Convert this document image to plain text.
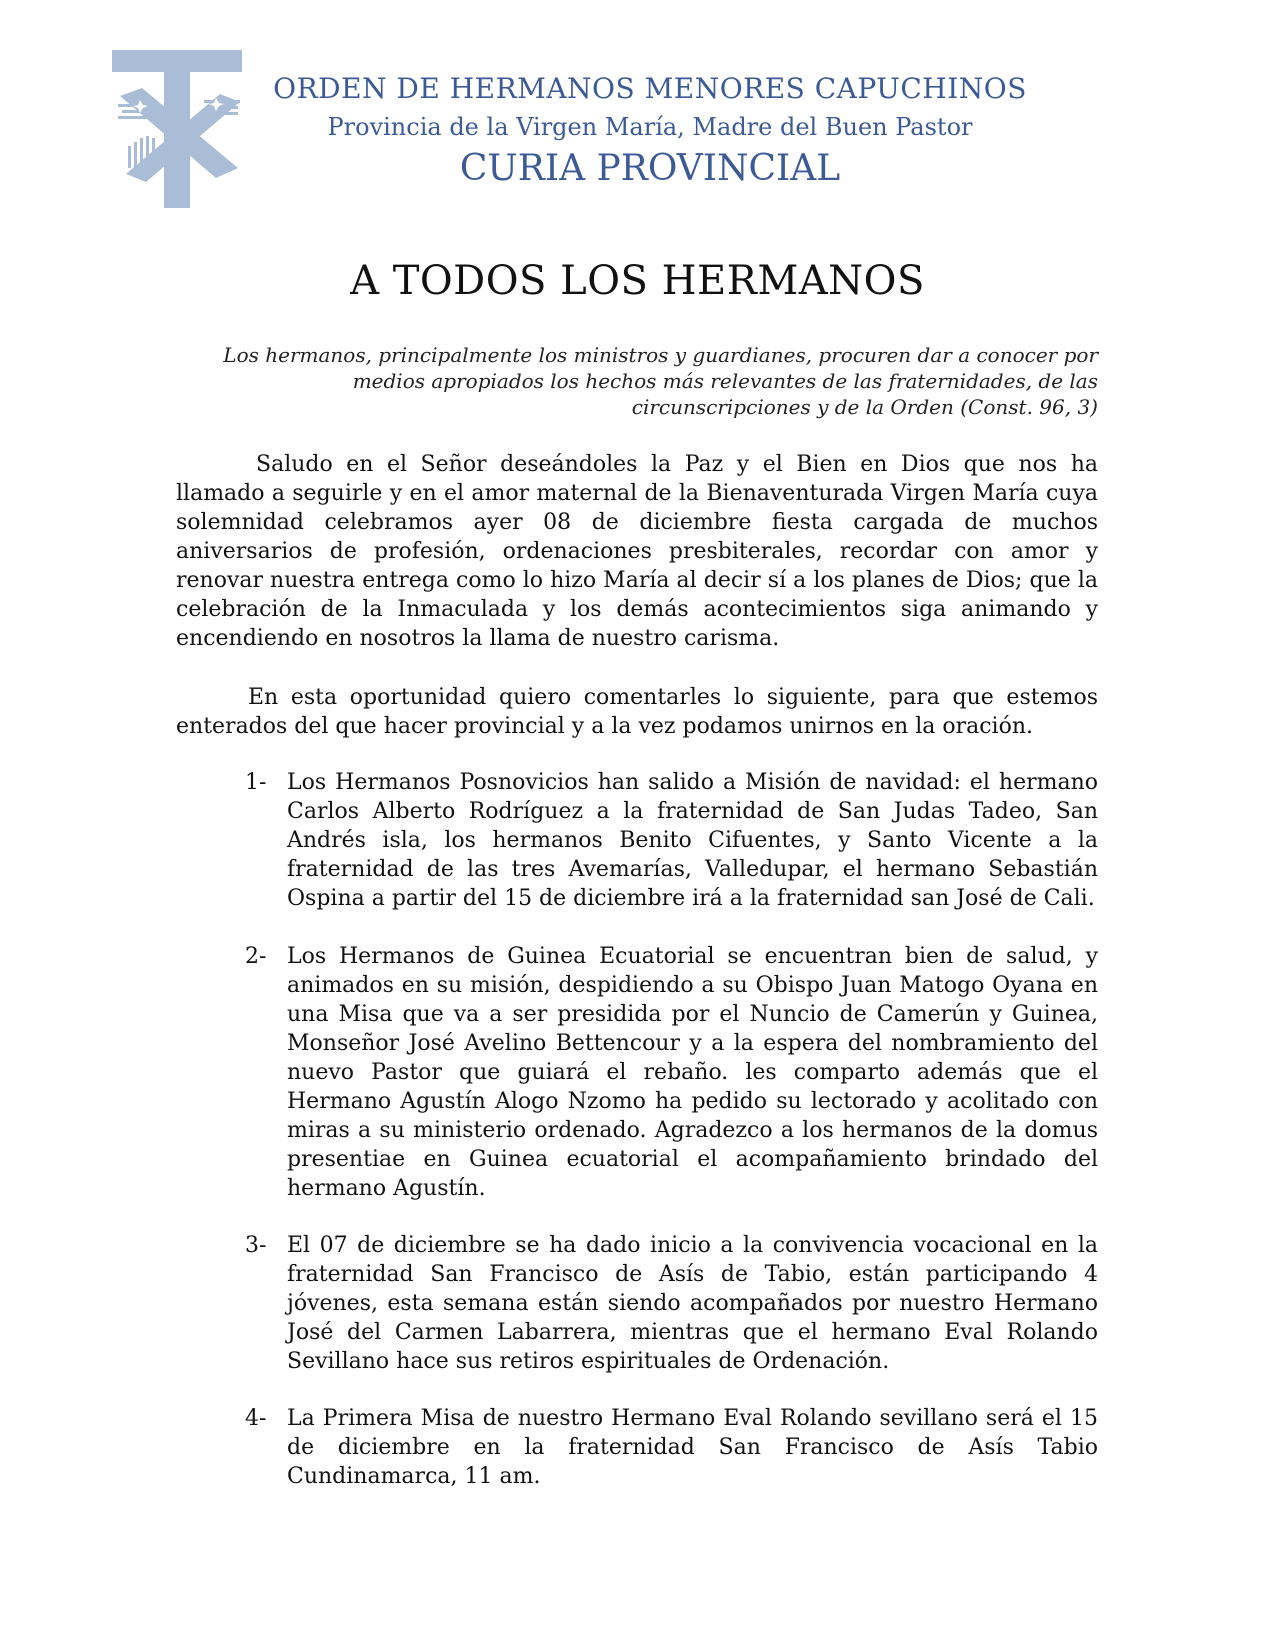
ORDEN DE HERMANOS MENORES CAPUCHINOS
Provincia de la Virgen María, Madre del Buen Pastor
CURIA PROVINCIAL
A TODOS LOS HERMANOS
Los hermanos, principalmente los ministros y guardianes, procuren dar a conocer por medios apropiados los hechos más relevantes de las fraternidades, de las circunscripciones y de la Orden (Const. 96, 3)
Saludo en el Señor deseándoles la Paz y el Bien en Dios que nos ha llamado a seguirle y en el amor maternal de la Bienaventurada Virgen María cuya solemnidad celebramos ayer 08 de diciembre fiesta cargada de muchos aniversarios de profesión, ordenaciones presbiterales, recordar con amor y renovar nuestra entrega como lo hizo María al decir sí a los planes de Dios; que la celebración de la Inmaculada y los demás acontecimientos siga animando y encendiendo en nosotros la llama de nuestro carisma.
En esta oportunidad quiero comentarles lo siguiente, para que estemos enterados del que hacer provincial y a la vez podamos unirnos en la oración.
1- Los Hermanos Posnovicios han salido a Misión de navidad: el hermano Carlos Alberto Rodríguez a la fraternidad de San Judas Tadeo, San Andrés isla, los hermanos Benito Cifuentes, y Santo Vicente a la fraternidad de las tres Avemarías, Valledupar, el hermano Sebastián Ospina a partir del 15 de diciembre irá a la fraternidad san José de Cali.
2- Los Hermanos de Guinea Ecuatorial se encuentran bien de salud, y animados en su misión, despidiendo a su Obispo Juan Matogo Oyana en una Misa que va a ser presidida por el Nuncio de Camerún y Guinea, Monseñor José Avelino Bettencour y a la espera del nombramiento del nuevo Pastor que guiará el rebaño. les comparto además que el Hermano Agustín Alogo Nzomo ha pedido su lectorado y acolitado con miras a su ministerio ordenado. Agradezco a los hermanos de la domus presentiae en Guinea ecuatorial el acompañamiento brindado del hermano Agustín.
3- El 07 de diciembre se ha dado inicio a la convivencia vocacional en la fraternidad San Francisco de Asís de Tabio, están participando 4 jóvenes, esta semana están siendo acompañados por nuestro Hermano José del Carmen Labarrera, mientras que el hermano Eval Rolando Sevillano hace sus retiros espirituales de Ordenación.
4- La Primera Misa de nuestro Hermano Eval Rolando sevillano será el 15 de diciembre en la fraternidad San Francisco de Asís Tabio Cundinamarca, 11 am.
